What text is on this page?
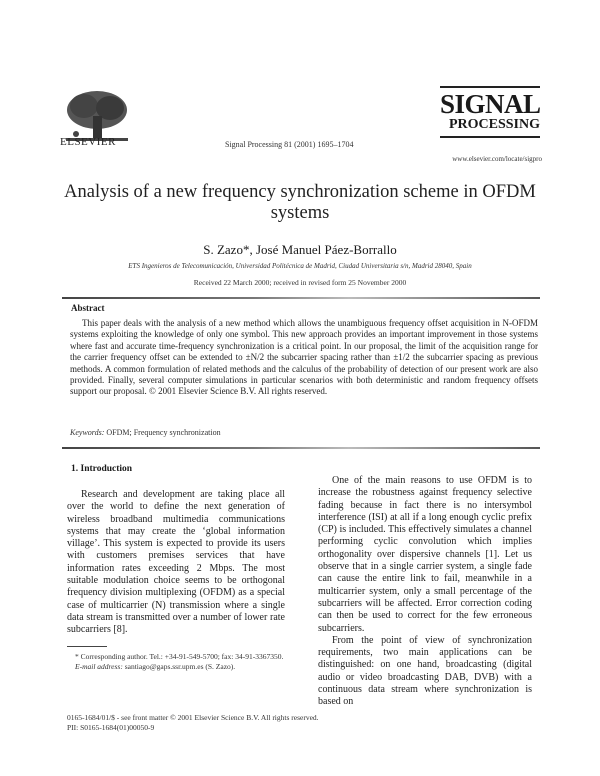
ELSEVIER	Signal Processing 81 (2001) 1695–1704
SIGNAL
PROCESSING
www.elsevier.com/locate/sigpro
Analysis of a new frequency synchronization scheme in OFDM systems
S. Zazo*, José Manuel Páez-Borrallo
ETS Ingenieros de Telecomunicación, Universidad Politécnica de Madrid, Ciudad Universitaria s/n, Madrid 28040, Spain
Received 22 March 2000; received in revised form 25 November 2000
Abstract
This paper deals with the analysis of a new method which allows the unambiguous frequency offset acquisition in N-OFDM systems exploiting the knowledge of only one symbol. This new approach provides an important improvement in those systems where fast and accurate time-frequency synchronization is a critical point. In our proposal, the limit of the acquisition range for the carrier frequency offset can be extended to ±N/2 the subcarrier spacing rather than ±1/2 the subcarrier spacing as previous methods. A common formulation of related methods and the calculus of the probability of detection of our present work are also provided. Finally, several computer simulations in particular scenarios with both deterministic and random frequency offsets support our proposal. © 2001 Elsevier Science B.V. All rights reserved.
Keywords: OFDM; Frequency synchronization
1. Introduction

Research and development are taking place all over the world to define the next generation of wireless broadband multimedia communications systems that may create the ‘global information village’. This system is expected to provide its users with customers premises services that have information rates exceeding 2 Mbps. The most suitable modulation choice seems to be orthogonal frequency division multiplexing (OFDM) as a special case of multicarrier (N) transmission where a single data stream is transmitted over a number of lower rate subcarriers [8].

One of the main reasons to use OFDM is to increase the robustness against frequency selective fading because in fact there is no intersymbol interference (ISI) at all if a long enough cyclic prefix (CP) is included. This effectively simulates a channel performing cyclic convolution which implies orthogonality over dispersive channels [1]. Let us observe that in a single carrier system, a single fade can cause the entire link to fail, meanwhile in a multicarrier system, only a small percentage of the subcarriers will be affected. Error correction coding can then be used to correct for the few erroneous subcarriers.

From the point of view of synchronization requirements, two main applications can be distinguished: on one hand, broadcasting (digital audio or video broadcasting DAB, DVB) with a continuous data stream where synchronization is based on

* Corresponding author. Tel.: +34-91-549-5700; fax: 34-91-3367350.

E-mail address: santiago@gaps.ssr.upm.es (S. Zazo).

0165-1684/01/$ - see front matter © 2001 Elsevier Science B.V. All rights reserved.
PII: S0165-1684(01)00050-9
